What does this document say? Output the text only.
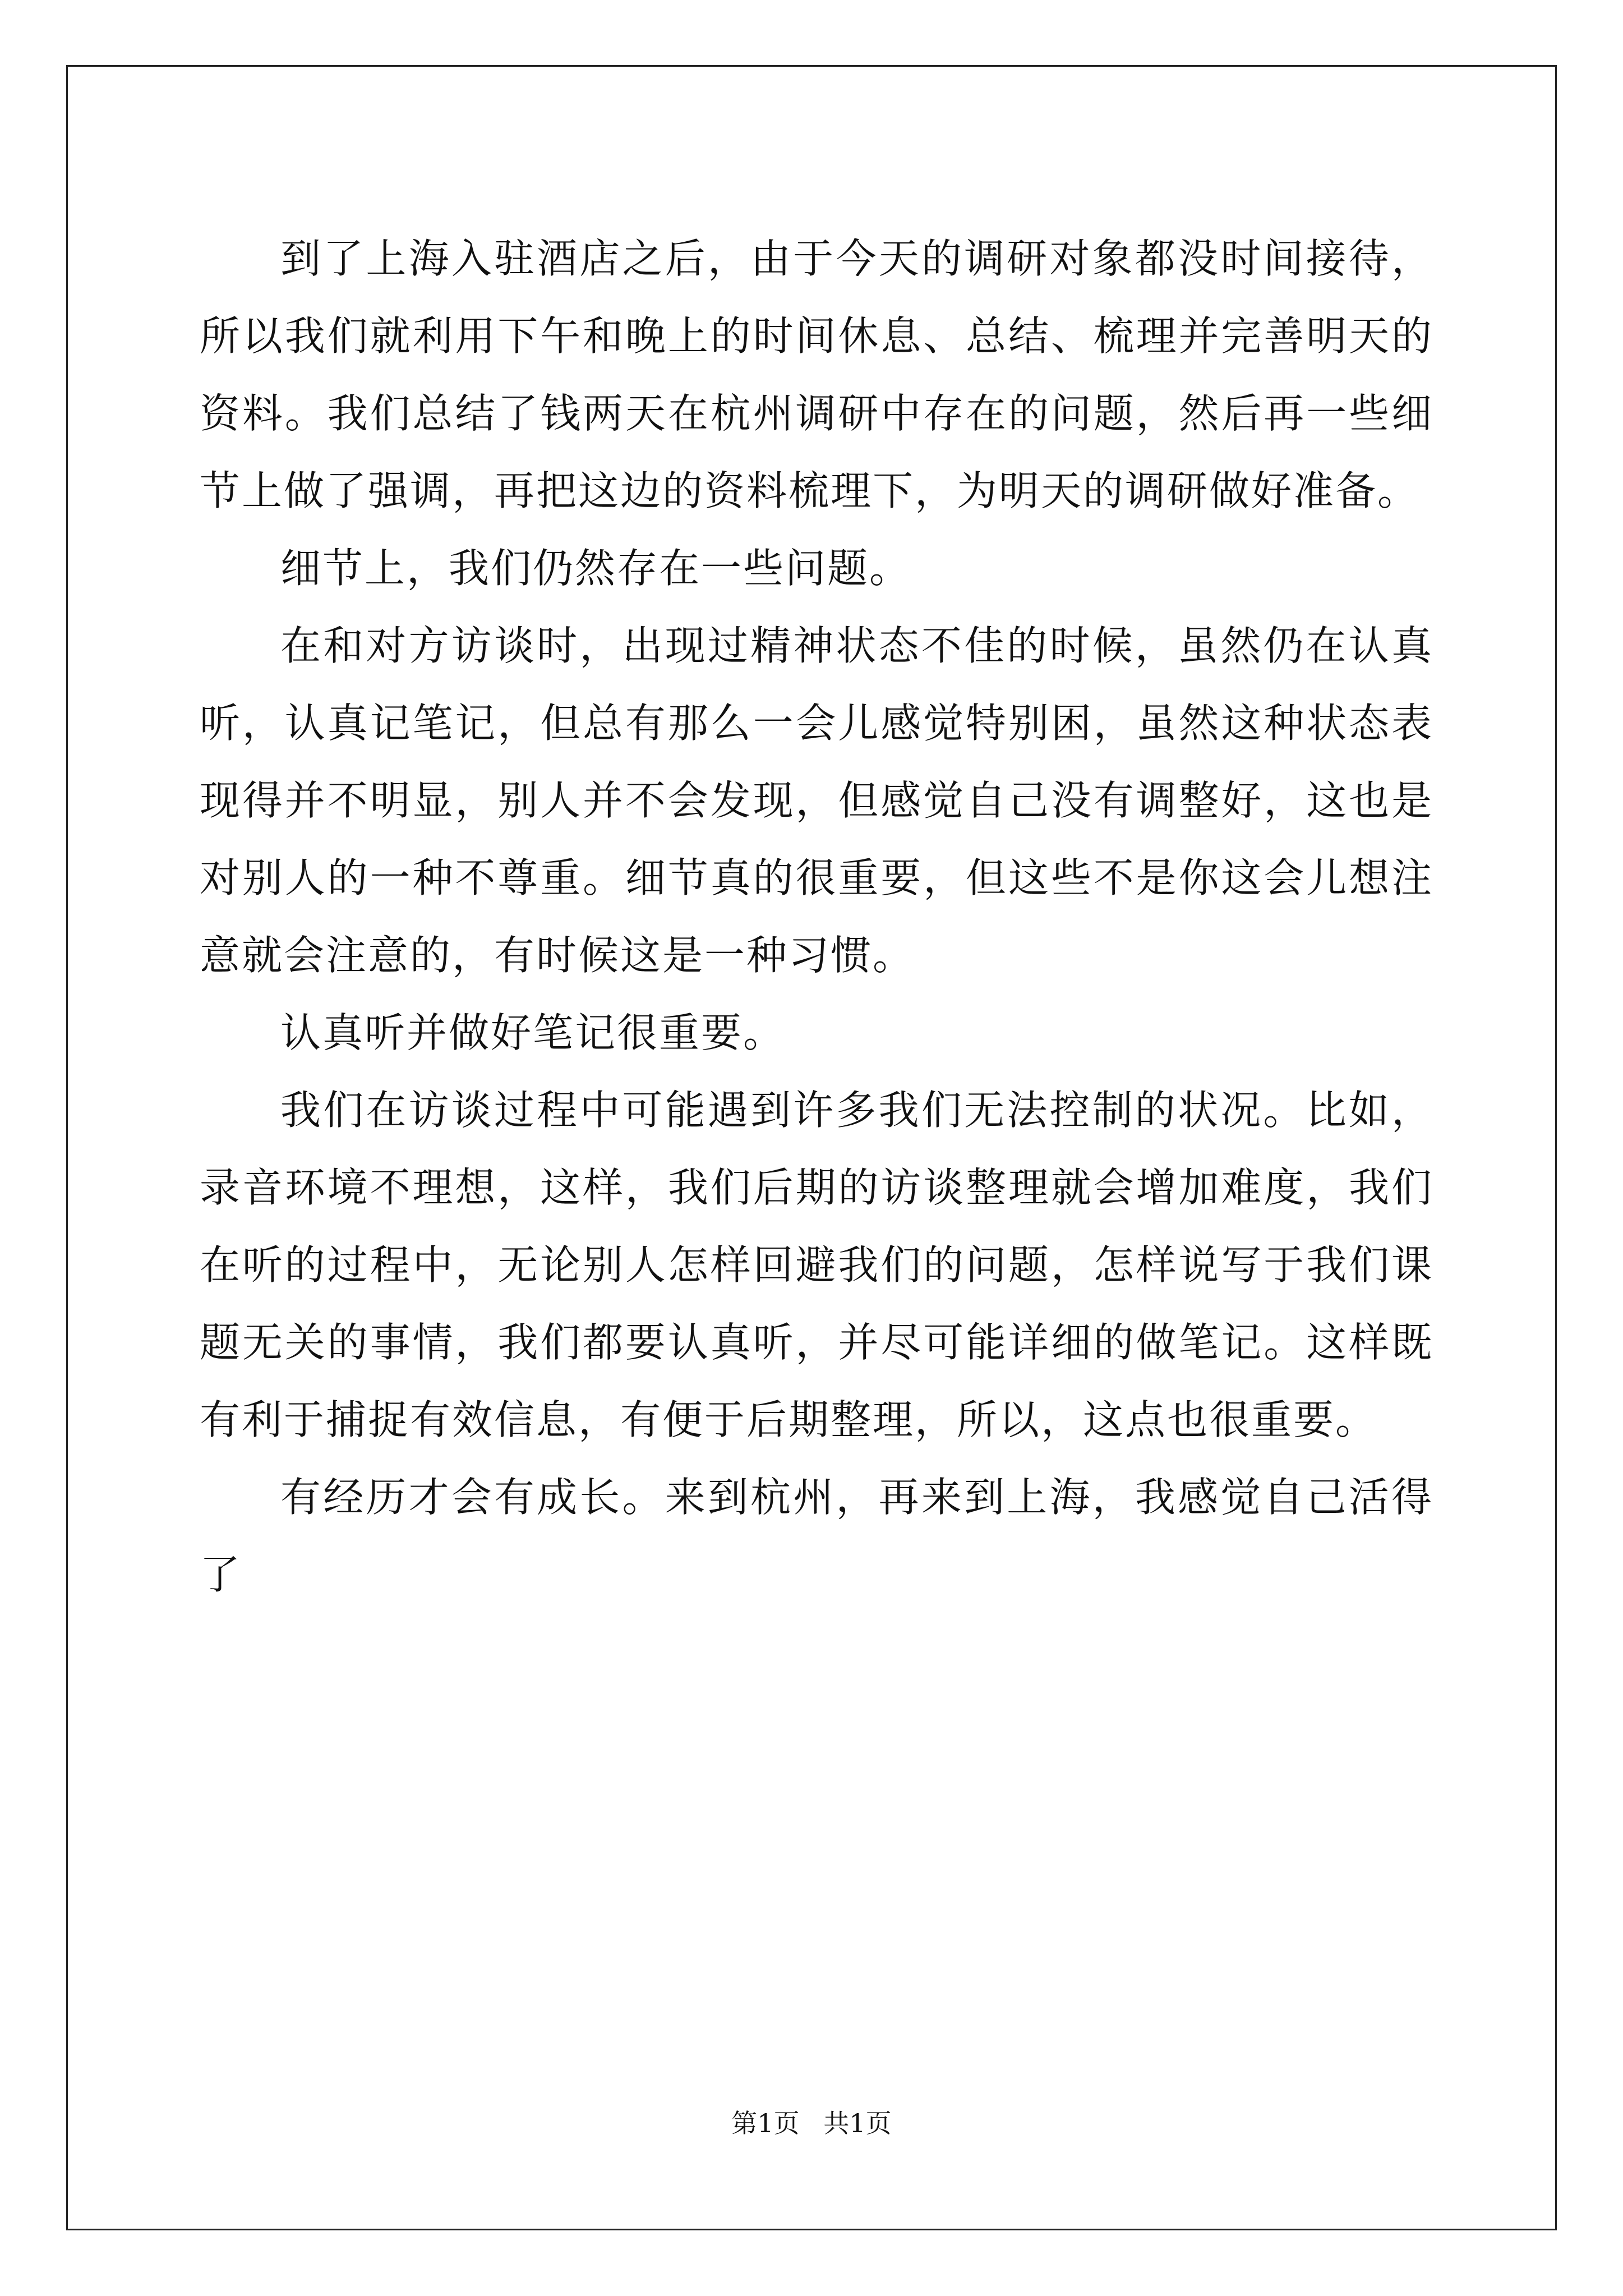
到了上海入驻酒店之后，由于今天的调研对象都没时间接待，所以我们就利用下午和晚上的时间休息、总结、梳理并完善明天的资料。我们总结了钱两天在杭州调研中存在的问题，然后再一些细节上做了强调，再把这边的资料梳理下，为明天的调研做好准备。

细节上，我们仍然存在一些问题。

在和对方访谈时，出现过精神状态不佳的时候，虽然仍在认真听，认真记笔记，但总有那么一会儿感觉特别困，虽然这种状态表现得并不明显，别人并不会发现，但感觉自己没有调整好，这也是对别人的一种不尊重。细节真的很重要，但这些不是你这会儿想注意就会注意的，有时候这是一种习惯。

认真听并做好笔记很重要。

我们在访谈过程中可能遇到许多我们无法控制的状况。比如，录音环境不理想，这样，我们后期的访谈整理就会增加难度，我们在听的过程中，无论别人怎样回避我们的问题，怎样说写于我们课题无关的事情，我们都要认真听，并尽可能详细的做笔记。这样既有利于捕捉有效信息，有便于后期整理，所以，这点也很重要。

有经历才会有成长。来到杭州，再来到上海，我感觉自己活得了

第1页 共1页
